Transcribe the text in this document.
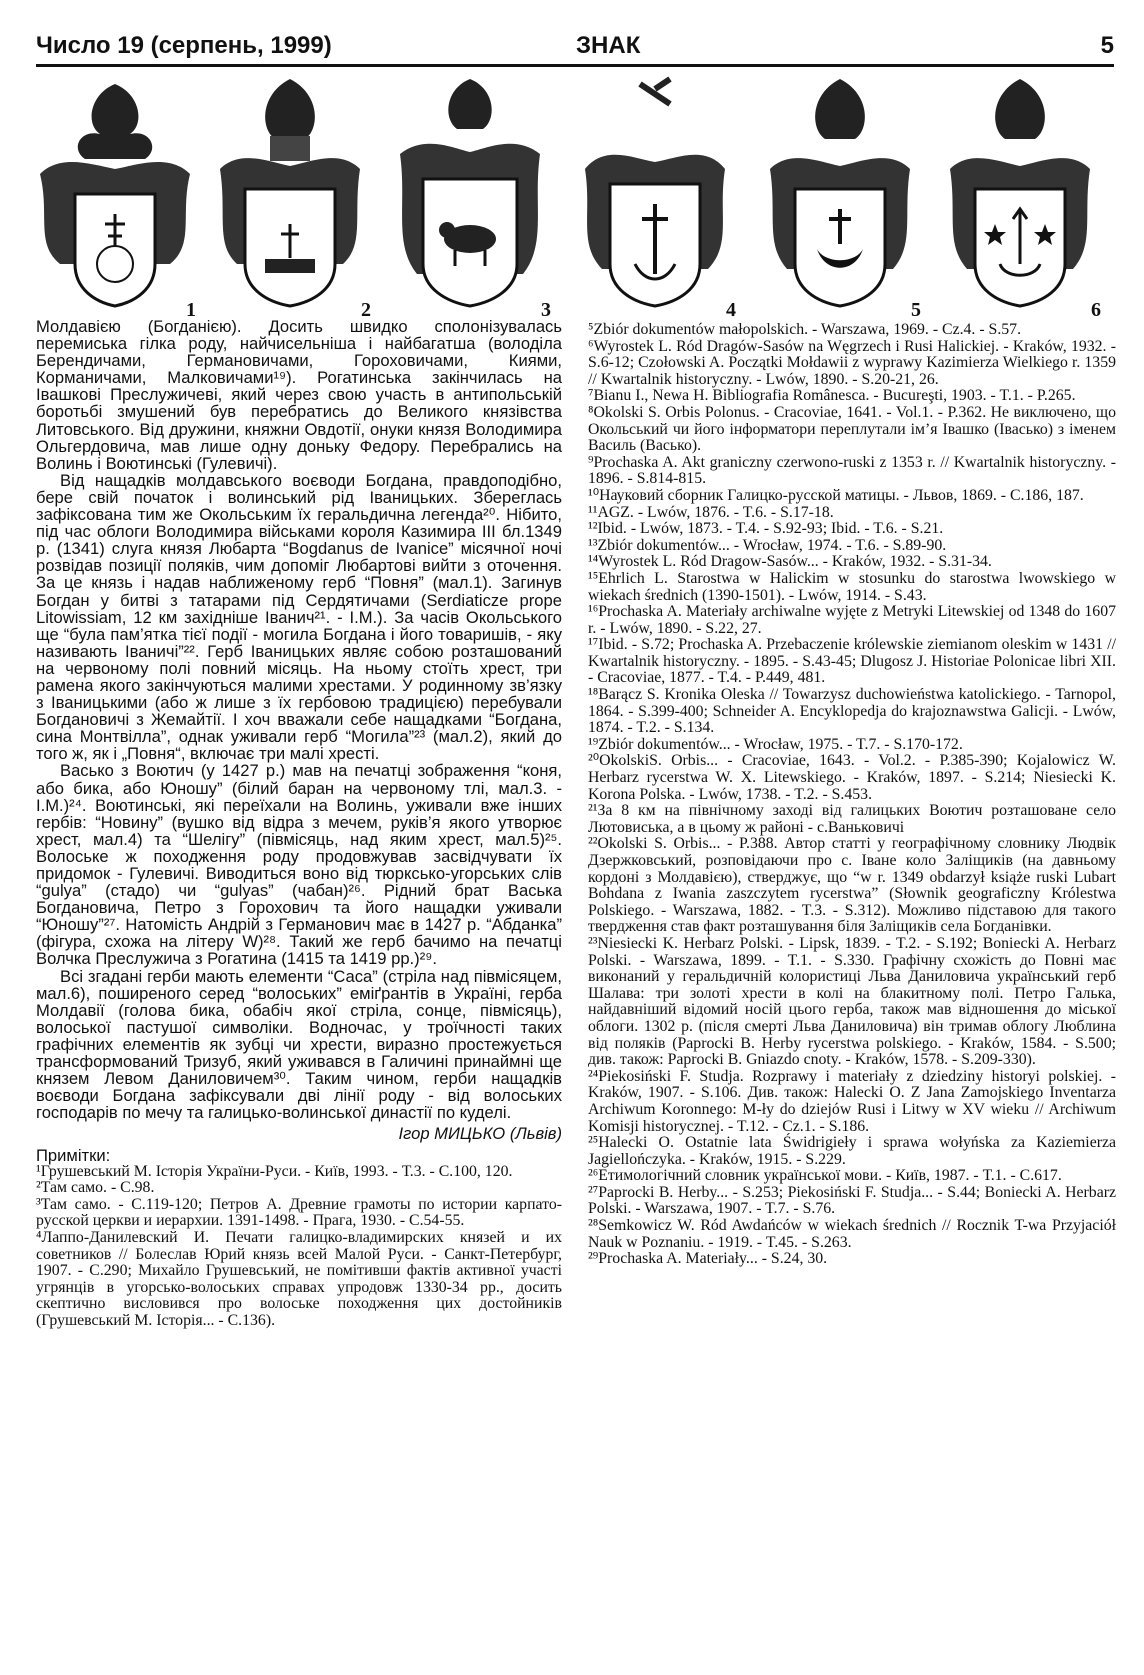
Число 19 (серпень, 1999)	ЗНАК	5
1	2	3	4	5	6

Молдавією (Богданією). Досить швидко сполонізувалась перемиська гілка роду, найчисельніша і найбагатша (володіла Берендичами, Германовичами, Гороховичами, Киями, Корманичами, Малковичами¹⁹). Рогатинська закінчилась на Івашкові Преслужичеві, який через свою участь в антипольській боротьбі змушений був перебратись до Великого князівства Литовського. Від дружини, княжни Овдотії, онуки князя Володимира Ольгердовича, мав лише одну доньку Федору. Перебрались на Волинь і Воютинські (Гулевичі).

Від нащадків молдавського воєводи Богдана, правдоподібно, бере свій початок і волинський рід Іваницьких. Збереглась зафіксована тим же Окольським їх геральдична легенда²⁰. Нібито, під час облоги Володимира військами короля Казимира III бл.1349 р. (1341) слуга князя Любарта “Bogdanus de Ivanice” місячної ночі розвідав позиції поляків, чим допоміг Любартові вийти з оточення. За це князь і надав наближеному герб “Повня” (мал.1). Загинув Богдан у битві з татарами під Сердятичами (Serdiaticze prope Litowissiam, 12 км західніше Іванич²¹. - І.М.). За часів Окольського ще “була пам’ятка тієї події - могила Богдана і його товаришів, - яку називають Іваничі”²². Герб Іваницьких являє собою розташований на червоному полі повний місяць. На ньому стоїть хрест, три рамена якого закінчуються малими хрестами. У родинному зв’язку з Іваницькими (або ж лише з їх гербовою традицією) перебували Богдановичі з Жемайтії. І хоч вважали себе нащадками “Богдана, сина Монтвілла”, однак уживали герб “Могила”²³ (мал.2), який до того ж, як і „Повня“, включає три малі хресті.

Васько з Воютич (у 1427 р.) мав на печатці зображення “коня, або бика, або Юношу” (білий баран на червоному тлі, мал.3. - І.М.)²⁴. Воютинські, які переїхали на Волинь, уживали вже інших гербів: “Новину” (вушко від відра з мечем, руків’я якого утворює хрест, мал.4) та “Шелігу” (півмісяць, над яким хрест, мал.5)²⁵. Волоське ж походження роду продовжував засвідчувати їх придомок - Гулевичі. Виводиться воно від тюрксько-угорських слів “gulya” (стадо) чи “gulyas” (чабан)²⁶. Рідний брат Васька Богдановича, Петро з Горохович та його нащадки уживали “Юношу”²⁷. Натомість Андрій з Германович має в 1427 р. “Абданка” (фігура, схожа на літеру W)²⁸. Такий же герб бачимо на печатці Волчка Преслужича з Рогатина (1415 та 1419 рр.)²⁹.

Всі згадані герби мають елементи “Саса” (стріла над півмісяцем, мал.6), поширеного серед “волоських” еміґрантів в Україні, герба Молдавії (голова бика, обабіч якої стріла, сонце, півмісяць), волоської пастушої символіки. Водночас, у троїчності таких графічних елементів як зубці чи хрести, виразно простежується трансформований Тризуб, який уживався в Галичині принаймні ще князем Левом Даниловичем³⁰. Таким чином, герби нащадків воєводи Богдана зафіксували дві лінії роду - від волоських господарів по мечу та галицько-волинської династії по куделі.

Ігор МИЦЬКО (Львів)

Примітки:

¹Грушевський М. Історія України-Руси. - Київ, 1993. - Т.3. - С.100, 120.

²Там само. - С.98.

³Там само. - С.119-120; Петров А. Древние грамоты по истории карпато-русской церкви и иерархии. 1391-1498. - Прага, 1930. - С.54-55.

⁴Лаппо-Данилевский И. Печати галицко-владимирских князей и их советников // Болеслав Юрий князь всей Малой Руси. - Санкт-Петербург, 1907. - С.290; Михайло Грушевський, не помітивши фактів активної участі угрянців в угорсько-волоських справах упродовж 1330-34 рр., досить скептично висловився про волоське походження цих достойників (Грушевський М. Історія... - С.136).

⁵Zbiór dokumentów małopolskich. - Warszawa, 1969. - Cz.4. - S.57.

⁶Wyrostek L. Ród Dragów-Sasów na Węgrzech i Rusi Halickiej. - Kraków, 1932. - S.6-12; Czołowski A. Początki Mołdawii z wyprawy Kazimierza Wielkiego r. 1359 // Kwartalnik historyczny. - Lwów, 1890. - S.20-21, 26.

⁷Bianu I., Newa H. Bibliografia Românesca. - Bucureşti, 1903. - T.1. - P.265.

⁸Okolski S. Orbis Polonus. - Cracoviae, 1641. - Vol.1. - P.362. Не виключено, що Окольський чи його інформатори переплутали ім’я Івашко (Івасько) з іменем Василь (Васько).

⁹Prochaska A. Akt graniczny czerwono-ruski z 1353 r. // Kwartalnik historyczny. - 1896. - S.814-815.

¹⁰Науковий сборник Галицко-русской матицы. - Львов, 1869. - С.186, 187.

¹¹AGZ. - Lwów, 1876. - T.6. - S.17-18.

¹²Ibid. - Lwów, 1873. - T.4. - S.92-93; Ibid. - T.6. - S.21.

¹³Zbiór dokumentów... - Wrocław, 1974. - T.6. - S.89-90.

¹⁴Wyrostek L. Ród Dragow-Sasów... - Kraków, 1932. - S.31-34.

¹⁵Ehrlich L. Starostwa w Halickim w stosunku do starostwa lwowskiego w wiekach średnich (1390-1501). - Lwów, 1914. - S.43.

¹⁶Prochaska A. Materiały archiwalne wyjęte z Metryki Litewskiej od 1348 do 1607 r. - Lwów, 1890. - S.22, 27.

¹⁷Ibid. - S.72; Prochaska A. Przebaczenie królewskie ziemianom oleskim w 1431 // Kwartalnik historyczny. - 1895. - S.43-45; Dlugosz J. Historiae Polonicae libri XII. - Cracoviae, 1877. - T.4. - P.449, 481.

¹⁸Barącz S. Kronika Oleska // Towarzysz duchowieństwa katolickiego. - Tarnopol, 1864. - S.399-400; Schneider A. Encyklopedja do krajoznawstwa Galicji. - Lwów, 1874. - T.2. - S.134.

¹⁹Zbiór dokumentów... - Wrocław, 1975. - T.7. - S.170-172.

²⁰OkolskiS. Orbis... - Cracoviae, 1643. - Vol.2. - P.385-390; Kojalowicz W. Herbarz rycerstwa W. X. Litewskiego. - Kraków, 1897. - S.214; Niesiecki K. Korona Polska. - Lwów, 1738. - T.2. - S.453.

²¹За 8 км на північному заході від галицьких Воютич розташоване село Лютовиська, а в цьому ж районі - с.Ваньковичі

²²Okolski S. Orbis... - P.388. Автор статті у географічному словнику Людвік Дзержковський, розповідаючи про с. Іване коло Заліщиків (на давньому кордоні з Молдавією), стверджує, що “w r. 1349 obdarzył książe ruski Lubart Bohdana z Iwania zaszczytem rycerstwa” (Słownik geograficzny Królestwa Polskiego. - Warszawa, 1882. - T.3. - S.312). Можливо підставою для такого твердження став факт розташування біля Заліщиків села Богданівки.

²³Niesiecki K. Herbarz Polski. - Lipsk, 1839. - T.2. - S.192; Boniecki A. Herbarz Polski. - Warszawa, 1899. - T.1. - S.330. Графічну схожість до Повні має виконаний у геральдичній колористиці Льва Даниловича український герб Шалава: три золоті хрести в колі на блакитному полі. Петро Галька, найдавніший відомий носій цього герба, також мав відношення до міської облоги. 1302 р. (після смерті Льва Даниловича) він тримав облогу Люблина від поляків (Paprocki B. Herby rycerstwa polskiego. - Kraków, 1584. - S.500; див. також: Paprocki B. Gniazdo cnoty. - Kraków, 1578. - S.209-330).

²⁴Piekosiński F. Studja. Rozprawy i materiały z dziedziny historyi polskiej. - Kraków, 1907. - S.106. Див. також: Halecki O. Z Jana Zamojskiego Inventarza Archiwum Koronnego: M-ły do dziejów Rusi i Litwy w XV wieku // Archiwum Komisji historycznej. - T.12. - Cz.1. - S.186.

²⁵Halecki O. Ostatnie lata Świdrigieły i sprawa wołyńska za Kaziemierza Jagiellończyka. - Kraków, 1915. - S.229.

²⁶Етимологічний словник української мови. - Київ, 1987. - Т.1. - С.617.

²⁷Paprocki B. Herby... - S.253; Piekosiński F. Studja... - S.44; Boniecki A. Herbarz Polski. - Warszawa, 1907. - T.7. - S.76.

²⁸Semkowicz W. Ród Awdańców w wiekach średnich // Rocznik T-wa Przyjaciół Nauk w Poznaniu. - 1919. - T.45. - S.263.

²⁹Prochaska A. Materiały... - S.24, 30.
